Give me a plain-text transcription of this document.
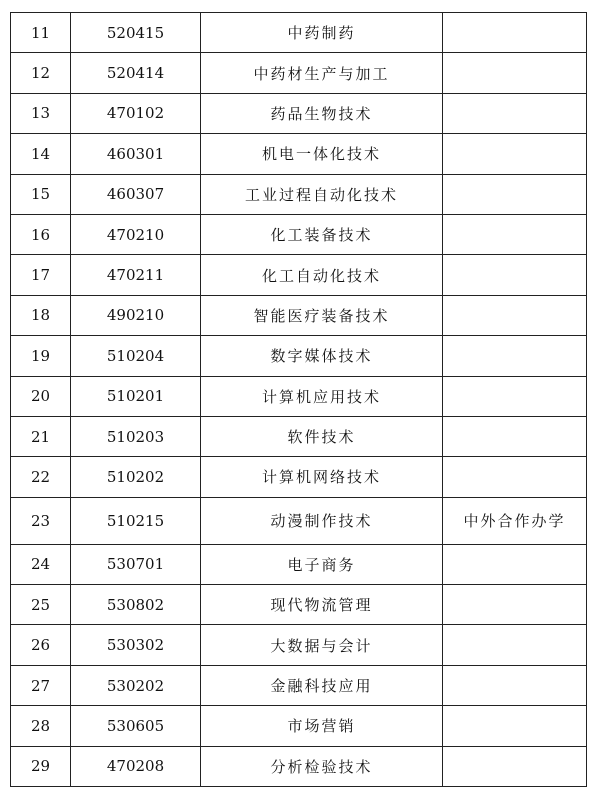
11	520415	中药制药	
12	520414	中药材生产与加工	
13	470102	药品生物技术	
14	460301	机电一体化技术	
15	460307	工业过程自动化技术	
16	470210	化工装备技术	
17	470211	化工自动化技术	
18	490210	智能医疗装备技术	
19	510204	数字媒体技术	
20	510201	计算机应用技术	
21	510203	软件技术	
22	510202	计算机网络技术	
23	510215	动漫制作技术	中外合作办学
24	530701	电子商务	
25	530802	现代物流管理	
26	530302	大数据与会计	
27	530202	金融科技应用	
28	530605	市场营销	
29	470208	分析检验技术	
